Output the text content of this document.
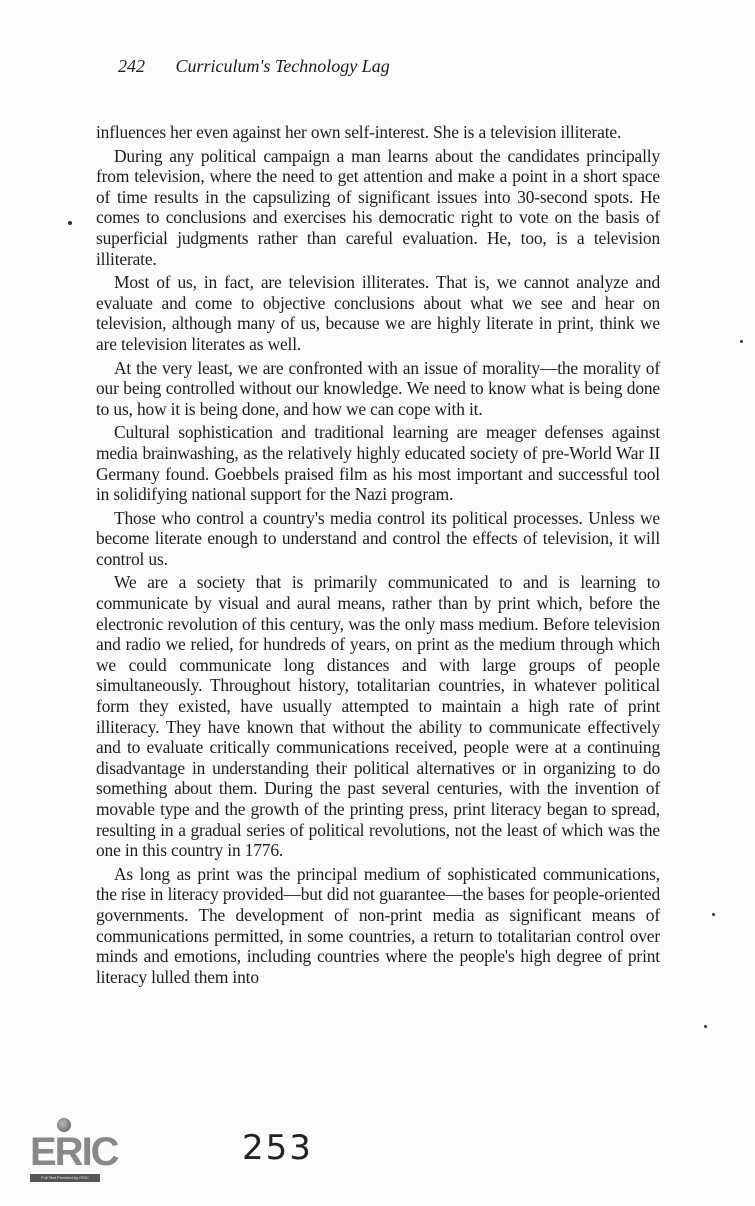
242 Curriculum's Technology Lag

influences her even against her own self-interest. She is a television illiterate.

During any political campaign a man learns about the candidates principally from television, where the need to get attention and make a point in a short space of time results in the capsulizing of significant issues into 30-second spots. He comes to conclusions and exercises his democratic right to vote on the basis of superficial judgments rather than careful evaluation. He, too, is a television illiterate.

Most of us, in fact, are television illiterates. That is, we cannot analyze and evaluate and come to objective conclusions about what we see and hear on television, although many of us, because we are highly literate in print, think we are television literates as well.

At the very least, we are confronted with an issue of morality—the morality of our being controlled without our knowledge. We need to know what is being done to us, how it is being done, and how we can cope with it.

Cultural sophistication and traditional learning are meager defenses against media brainwashing, as the relatively highly educated society of pre-World War II Germany found. Goebbels praised film as his most important and successful tool in solidifying national support for the Nazi program.

Those who control a country's media control its political processes. Unless we become literate enough to understand and control the effects of television, it will control us.

We are a society that is primarily communicated to and is learning to communicate by visual and aural means, rather than by print which, before the electronic revolution of this century, was the only mass medium. Before television and radio we relied, for hundreds of years, on print as the medium through which we could communicate long distances and with large groups of people simultaneously. Throughout history, totalitarian countries, in whatever political form they existed, have usually attempted to maintain a high rate of print illiteracy. They have known that without the ability to communicate effectively and to evaluate critically communications received, people were at a continuing disadvantage in understanding their political alternatives or in organizing to do something about them. During the past several centuries, with the invention of movable type and the growth of the printing press, print literacy began to spread, resulting in a gradual series of political revolutions, not the least of which was the one in this country in 1776.

As long as print was the principal medium of sophisticated communications, the rise in literacy provided—but did not guarantee—the bases for people-oriented governments. The development of non-print media as significant means of communications permitted, in some countries, a return to totalitarian control over minds and emotions, including countries where the people's high degree of print literacy lulled them into

ERIC
Full Text Provided by ERIC
253
